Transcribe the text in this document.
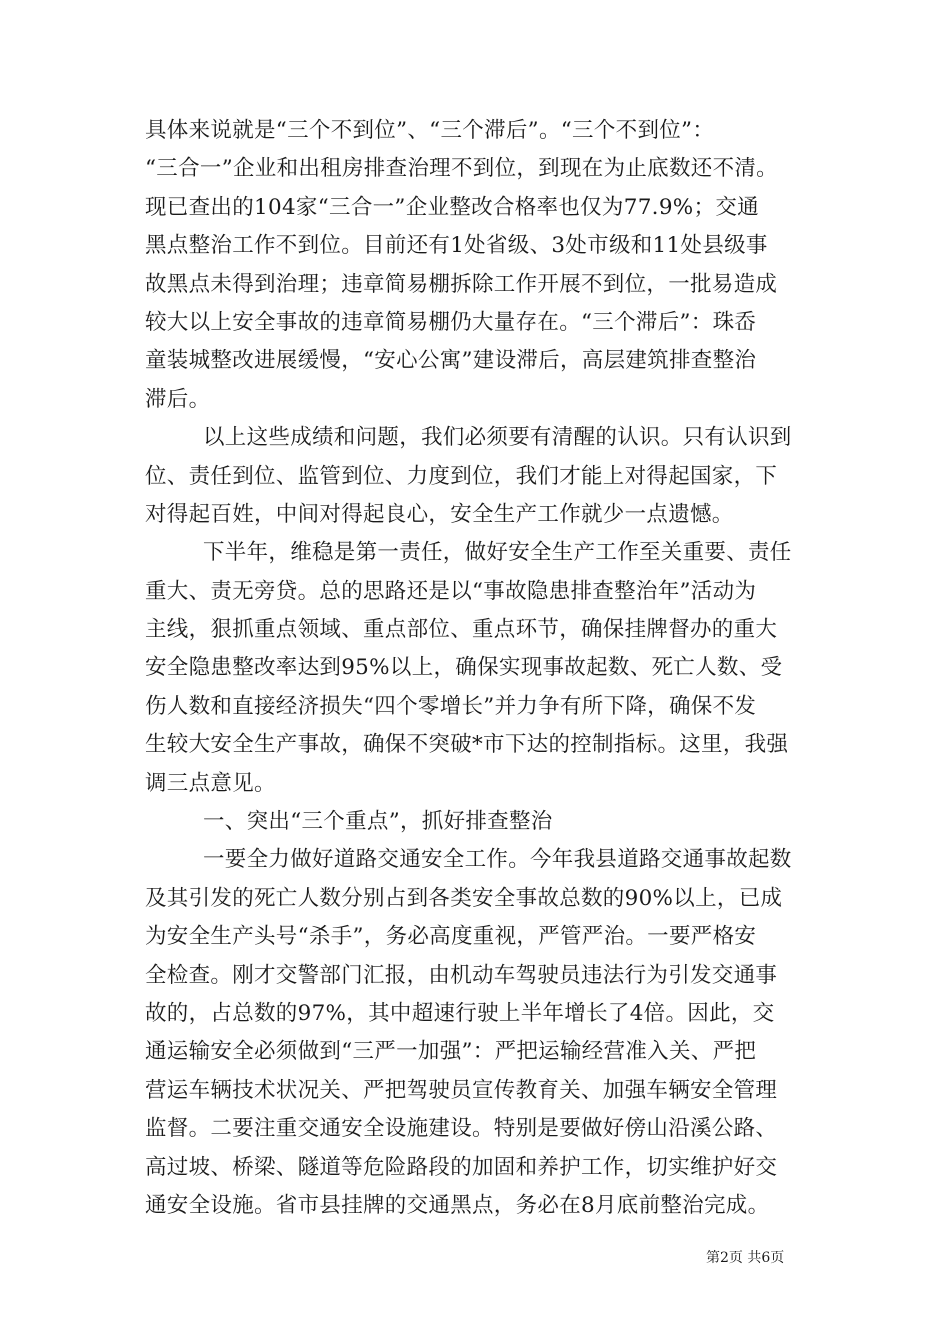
具体来说就是“三个不到位”、“三个滞后”。“三个不到位”：
“三合一”企业和出租房排查治理不到位，到现在为止底数还不清。
现已查出的104家“三合一”企业整改合格率也仅为77.9%；交通
黑点整治工作不到位。目前还有1处省级、3处市级和11处县级事
故黑点未得到治理；违章简易棚拆除工作开展不到位，一批易造成
较大以上安全事故的违章简易棚仍大量存在。“三个滞后”：珠岙
童装城整改进展缓慢，“安心公寓”建设滞后，高层建筑排查整治
滞后。
以上这些成绩和问题，我们必须要有清醒的认识。只有认识到
位、责任到位、监管到位、力度到位，我们才能上对得起国家，下
对得起百姓，中间对得起良心，安全生产工作就少一点遗憾。
下半年，维稳是第一责任，做好安全生产工作至关重要、责任
重大、责无旁贷。总的思路还是以“事故隐患排查整治年”活动为
主线，狠抓重点领域、重点部位、重点环节，确保挂牌督办的重大
安全隐患整改率达到95%以上，确保实现事故起数、死亡人数、受
伤人数和直接经济损失“四个零增长”并力争有所下降，确保不发
生较大安全生产事故，确保不突破*市下达的控制指标。这里，我强
调三点意见。
一、突出“三个重点”，抓好排查整治
一要全力做好道路交通安全工作。今年我县道路交通事故起数
及其引发的死亡人数分别占到各类安全事故总数的90%以上，已成
为安全生产头号“杀手”，务必高度重视，严管严治。一要严格安
全检查。刚才交警部门汇报，由机动车驾驶员违法行为引发交通事
故的，占总数的97%，其中超速行驶上半年增长了4倍。因此，交
通运输安全必须做到“三严一加强”：严把运输经营准入关、严把
营运车辆技术状况关、严把驾驶员宣传教育关、加强车辆安全管理
监督。二要注重交通安全设施建设。特别是要做好傍山沿溪公路、
高过坡、桥梁、隧道等危险路段的加固和养护工作，切实维护好交
通安全设施。省市县挂牌的交通黑点，务必在8月底前整治完成。
第2页 共6页
